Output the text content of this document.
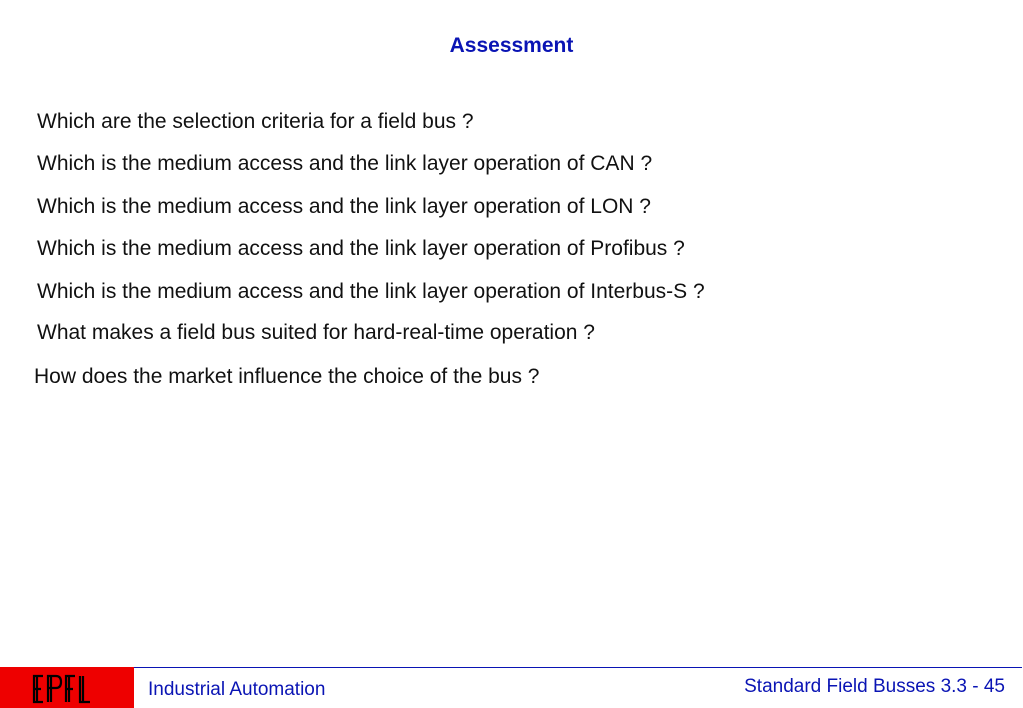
Assessment
Which are the selection criteria for a field bus ?
Which is the medium access and the link layer operation of CAN ?
Which is the medium access and the link layer operation of LON ?
Which is the medium access and the link layer operation of Profibus ?
Which is the medium access and the link layer operation of Interbus-S ?
What makes a field bus suited for hard-real-time operation ?
How does the market influence the choice of the bus ?
Industrial Automation	Standard Field Busses 3.3 - 45
